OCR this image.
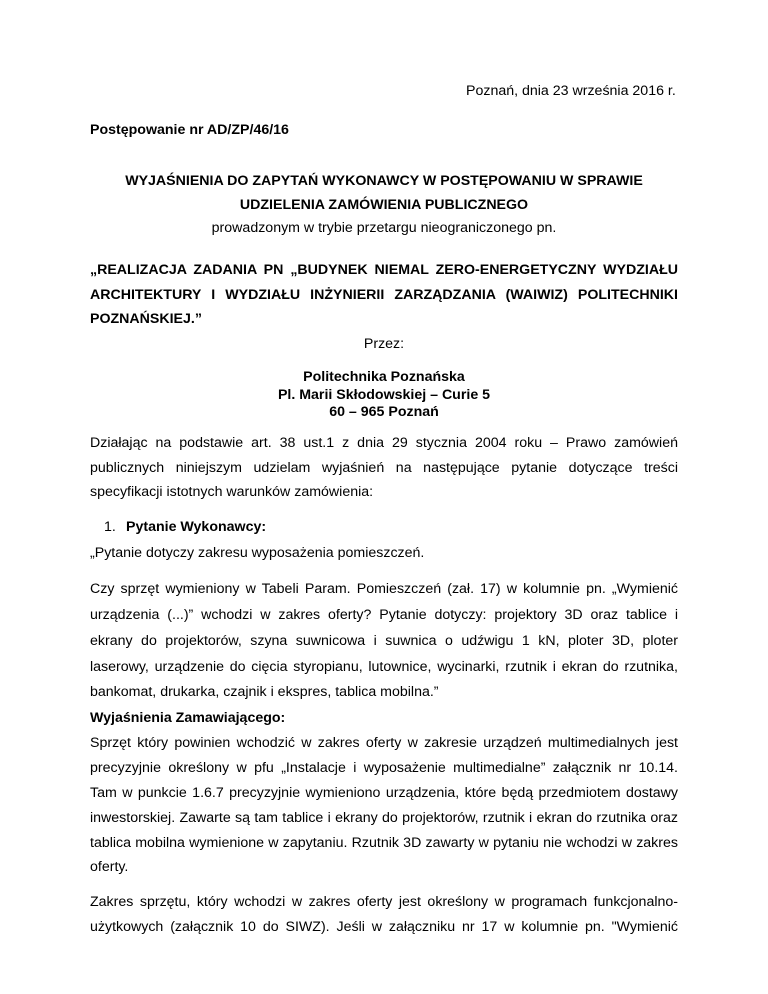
Poznań, dnia 23 września 2016 r.
Postępowanie nr AD/ZP/46/16
WYJAŚNIENIA DO ZAPYTAŃ WYKONAWCY W POSTĘPOWANIU W SPRAWIE
UDZIELENIA ZAMÓWIENIA PUBLICZNEGO
prowadzonym w trybie przetargu nieograniczonego pn.
„REALIZACJA ZADANIA PN „BUDYNEK NIEMAL ZERO-ENERGETYCZNY WYDZIAŁU
ARCHITEKTURY I WYDZIAŁU INŻYNIERII ZARZĄDZANIA (WAIWIZ) POLITECHNIKI
POZNAŃSKIEJ.”
Przez:
Politechnika Poznańska
Pl. Marii Skłodowskiej – Curie 5
60 – 965 Poznań
Działając na podstawie art. 38 ust.1 z dnia 29 stycznia 2004 roku – Prawo zamówień
publicznych niniejszym udzielam wyjaśnień na następujące pytanie dotyczące treści
specyfikacji istotnych warunków zamówienia:
1. Pytanie Wykonawcy:
„Pytanie dotyczy zakresu wyposażenia pomieszczeń.
Czy sprzęt wymieniony w Tabeli Param. Pomieszczeń (zał. 17) w kolumnie pn. „Wymienić
urządzenia (...)” wchodzi w zakres oferty? Pytanie dotyczy: projektory 3D oraz tablice i
ekrany do projektorów, szyna suwnicowa i suwnica o udźwigu 1 kN, ploter 3D, ploter
laserowy, urządzenie do cięcia styropianu, lutownice, wycinarki, rzutnik i ekran do rzutnika,
bankomat, drukarka, czajnik i ekspres, tablica mobilna.”
Wyjaśnienia Zamawiającego:
Sprzęt który powinien wchodzić w zakres oferty w zakresie urządzeń multimedialnych jest
precyzyjnie określony w pfu „Instalacje i wyposażenie multimedialne” załącznik nr 10.14.
Tam w punkcie 1.6.7 precyzyjnie wymieniono urządzenia, które będą przedmiotem dostawy
inwestorskiej. Zawarte są tam tablice i ekrany do projektorów, rzutnik i ekran do rzutnika oraz
tablica mobilna wymienione w zapytaniu. Rzutnik 3D zawarty w pytaniu nie wchodzi w zakres
oferty.
Zakres sprzętu, który wchodzi w zakres oferty jest określony w programach funkcjonalno-
użytkowych (załącznik 10 do SIWZ). Jeśli w załączniku nr 17 w kolumnie pn. "Wymienić
